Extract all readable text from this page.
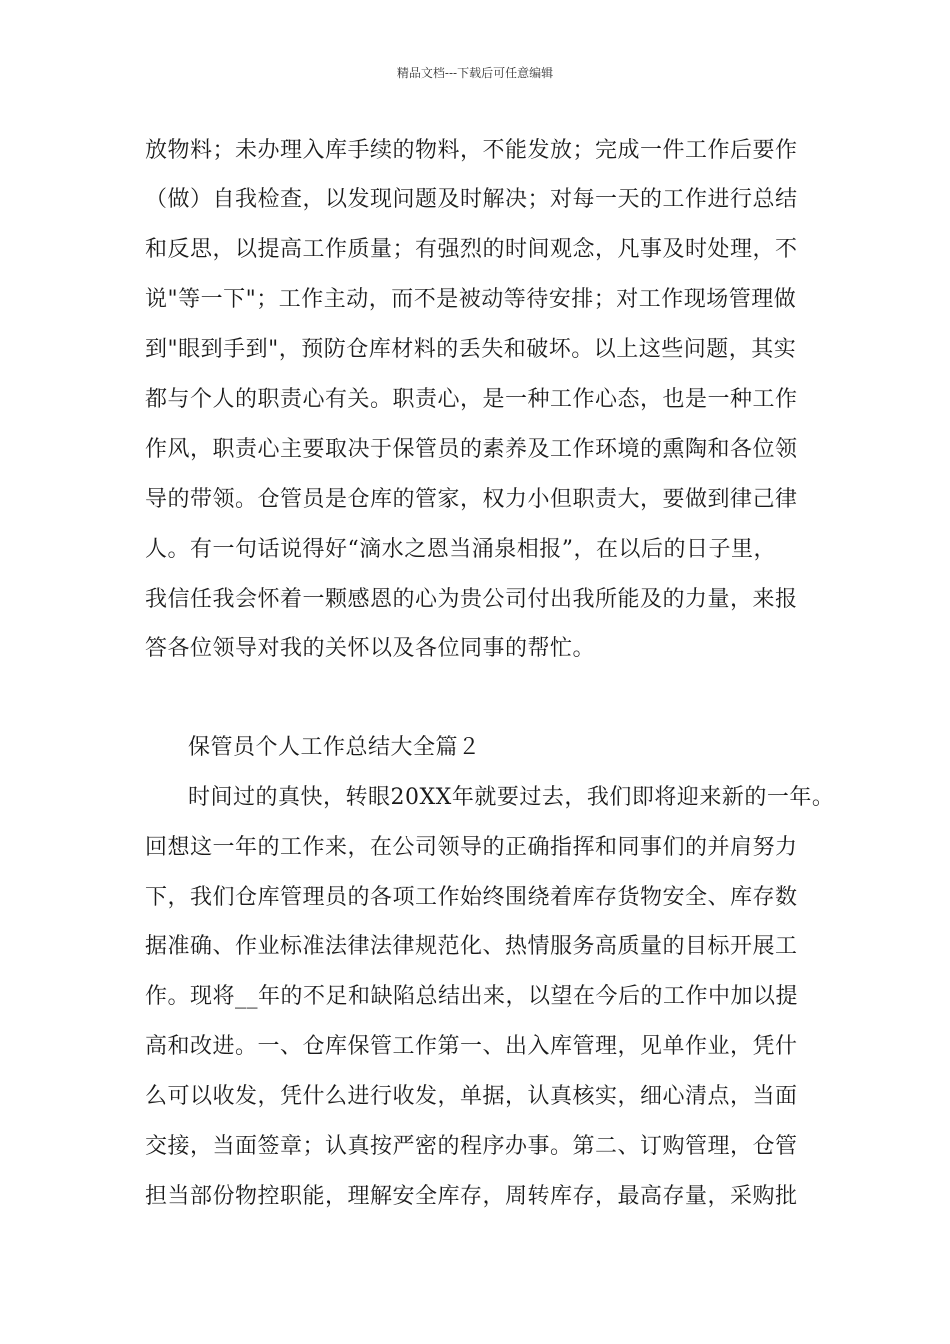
精品文档---下载后可任意编辑
放物料；未办理入库手续的物料，不能发放；完成一件工作后要作
（做）自我检查，以发现问题及时解决；对每一天的工作进行总结
和反思，以提高工作质量；有强烈的时间观念，凡事及时处理，不
说"等一下"；工作主动，而不是被动等待安排；对工作现场管理做
到"眼到手到"，预防仓库材料的丢失和破坏。以上这些问题，其实
都与个人的职责心有关。职责心，是一种工作心态，也是一种工作
作风，职责心主要取决于保管员的素养及工作环境的熏陶和各位领
导的带领。仓管员是仓库的管家，权力小但职责大，要做到律己律
人。有一句话说得好“滴水之恩当涌泉相报”，在以后的日子里，
我信任我会怀着一颗感恩的心为贵公司付出我所能及的力量，来报
答各位领导对我的关怀以及各位同事的帮忙。
保管员个人工作总结大全篇２
时间过的真快，转眼20XX年就要过去，我们即将迎来新的一年。
回想这一年的工作来，在公司领导的正确指挥和同事们的并肩努力
下，我们仓库管理员的各项工作始终围绕着库存货物安全、库存数
据准确、作业标准法律法律规范化、热情服务高质量的目标开展工
作。现将__年的不足和缺陷总结出来，以望在今后的工作中加以提
高和改进。一、仓库保管工作第一、出入库管理，见单作业，凭什
么可以收发，凭什么进行收发，单据，认真核实，细心清点，当面
交接，当面签章；认真按严密的程序办事。第二、订购管理，仓管
担当部份物控职能，理解安全库存，周转库存，最高存量，采购批
